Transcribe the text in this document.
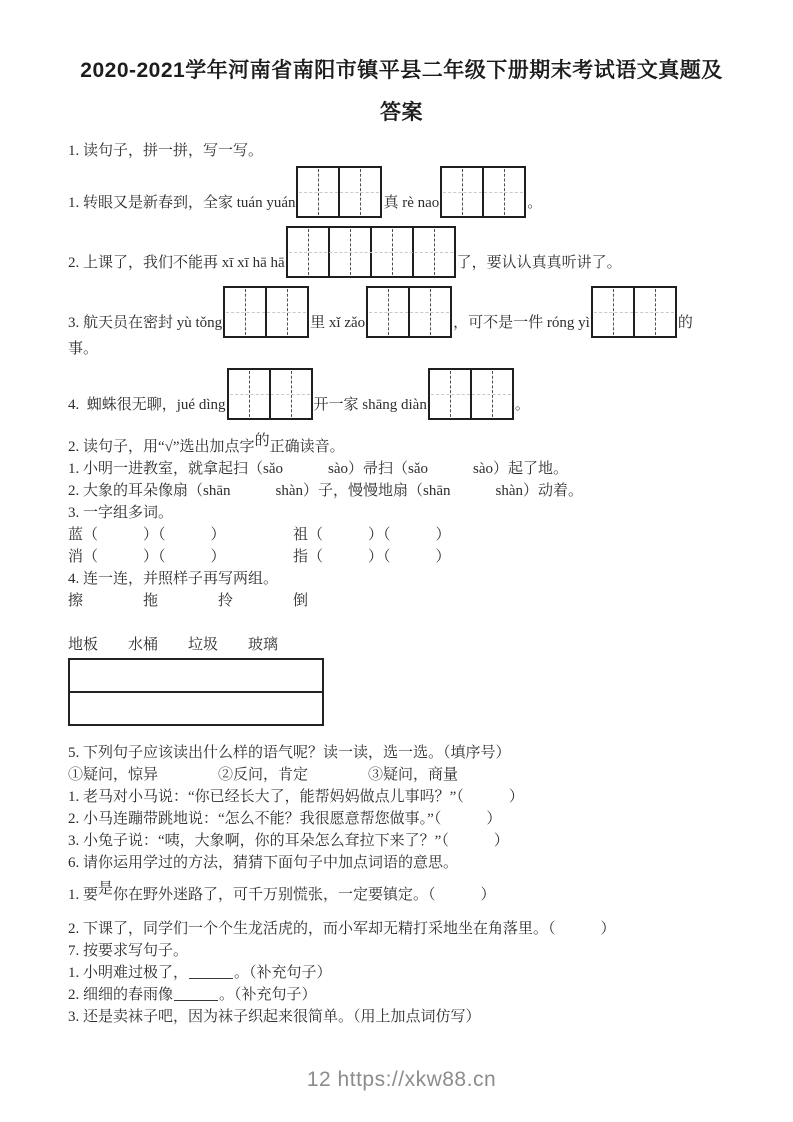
2020-2021学年河南省南阳市镇平县二年级下册期末考试语文真题及
答案
1. 读句子，拼一拼，写一写。
1. 转眼又是新春到，全家 tuán yuán	真 rè nao	。
2. 上课了，我们不能再 xī xī hā hā	了，要认认真真听讲了。
3. 航天员在密封 yù tǒng	里 xǐ zǎo	，可不是一件 róng yì	的
事。
4.  蜘蛛很无聊，jué dìng	开一家 shāng diàn	。
2. 读句子，用“√”选出加点字的正确读音。
1. 小明一进教室，就拿起扫（sǎo　　　sào）帚扫（sǎo　　　sào）起了地。
2. 大象的耳朵像扇（shān　　　shàn）子，慢慢地扇（shān　　　shàn）动着。
3. 一字组多词。
蓝（　　　）（　　　）　　　　　祖（　　　）（　　　）
消（　　　）（　　　）　　　　　指（　　　）（　　　）
4. 连一连，并照样子再写两组。
擦　　　　拖　　　　拎　　　　倒
地板　　水桶　　垃圾　　玻璃
5. 下列句子应该读出什么样的语气呢？读一读，选一选。（填序号）
①疑问，惊异　　　　②反问，肯定　　　　③疑问，商量
1. 老马对小马说：“你已经长大了，能帮妈妈做点儿事吗？”（　　　）
2. 小马连蹦带跳地说：“怎么不能？我很愿意帮您做事。”（　　　）
3. 小兔子说：“咦，大象啊，你的耳朵怎么耷拉下来了？”（　　　）
6. 请你运用学过的方法，猜猜下面句子中加点词语的意思。
1. 要是你在野外迷路了，可千万别慌张，一定要镇定。（　　　）
2. 下课了，同学们一个个生龙活虎的，而小军却无精打采地坐在角落里。（　　　）
7. 按要求写句子。
1. 小明难过极了，	。（补充句子）
2. 细细的春雨像	。（补充句子）
3. 还是卖袜子吧，因为袜子织起来很简单。（用上加点词仿写）
12 https://xkw88.cn
